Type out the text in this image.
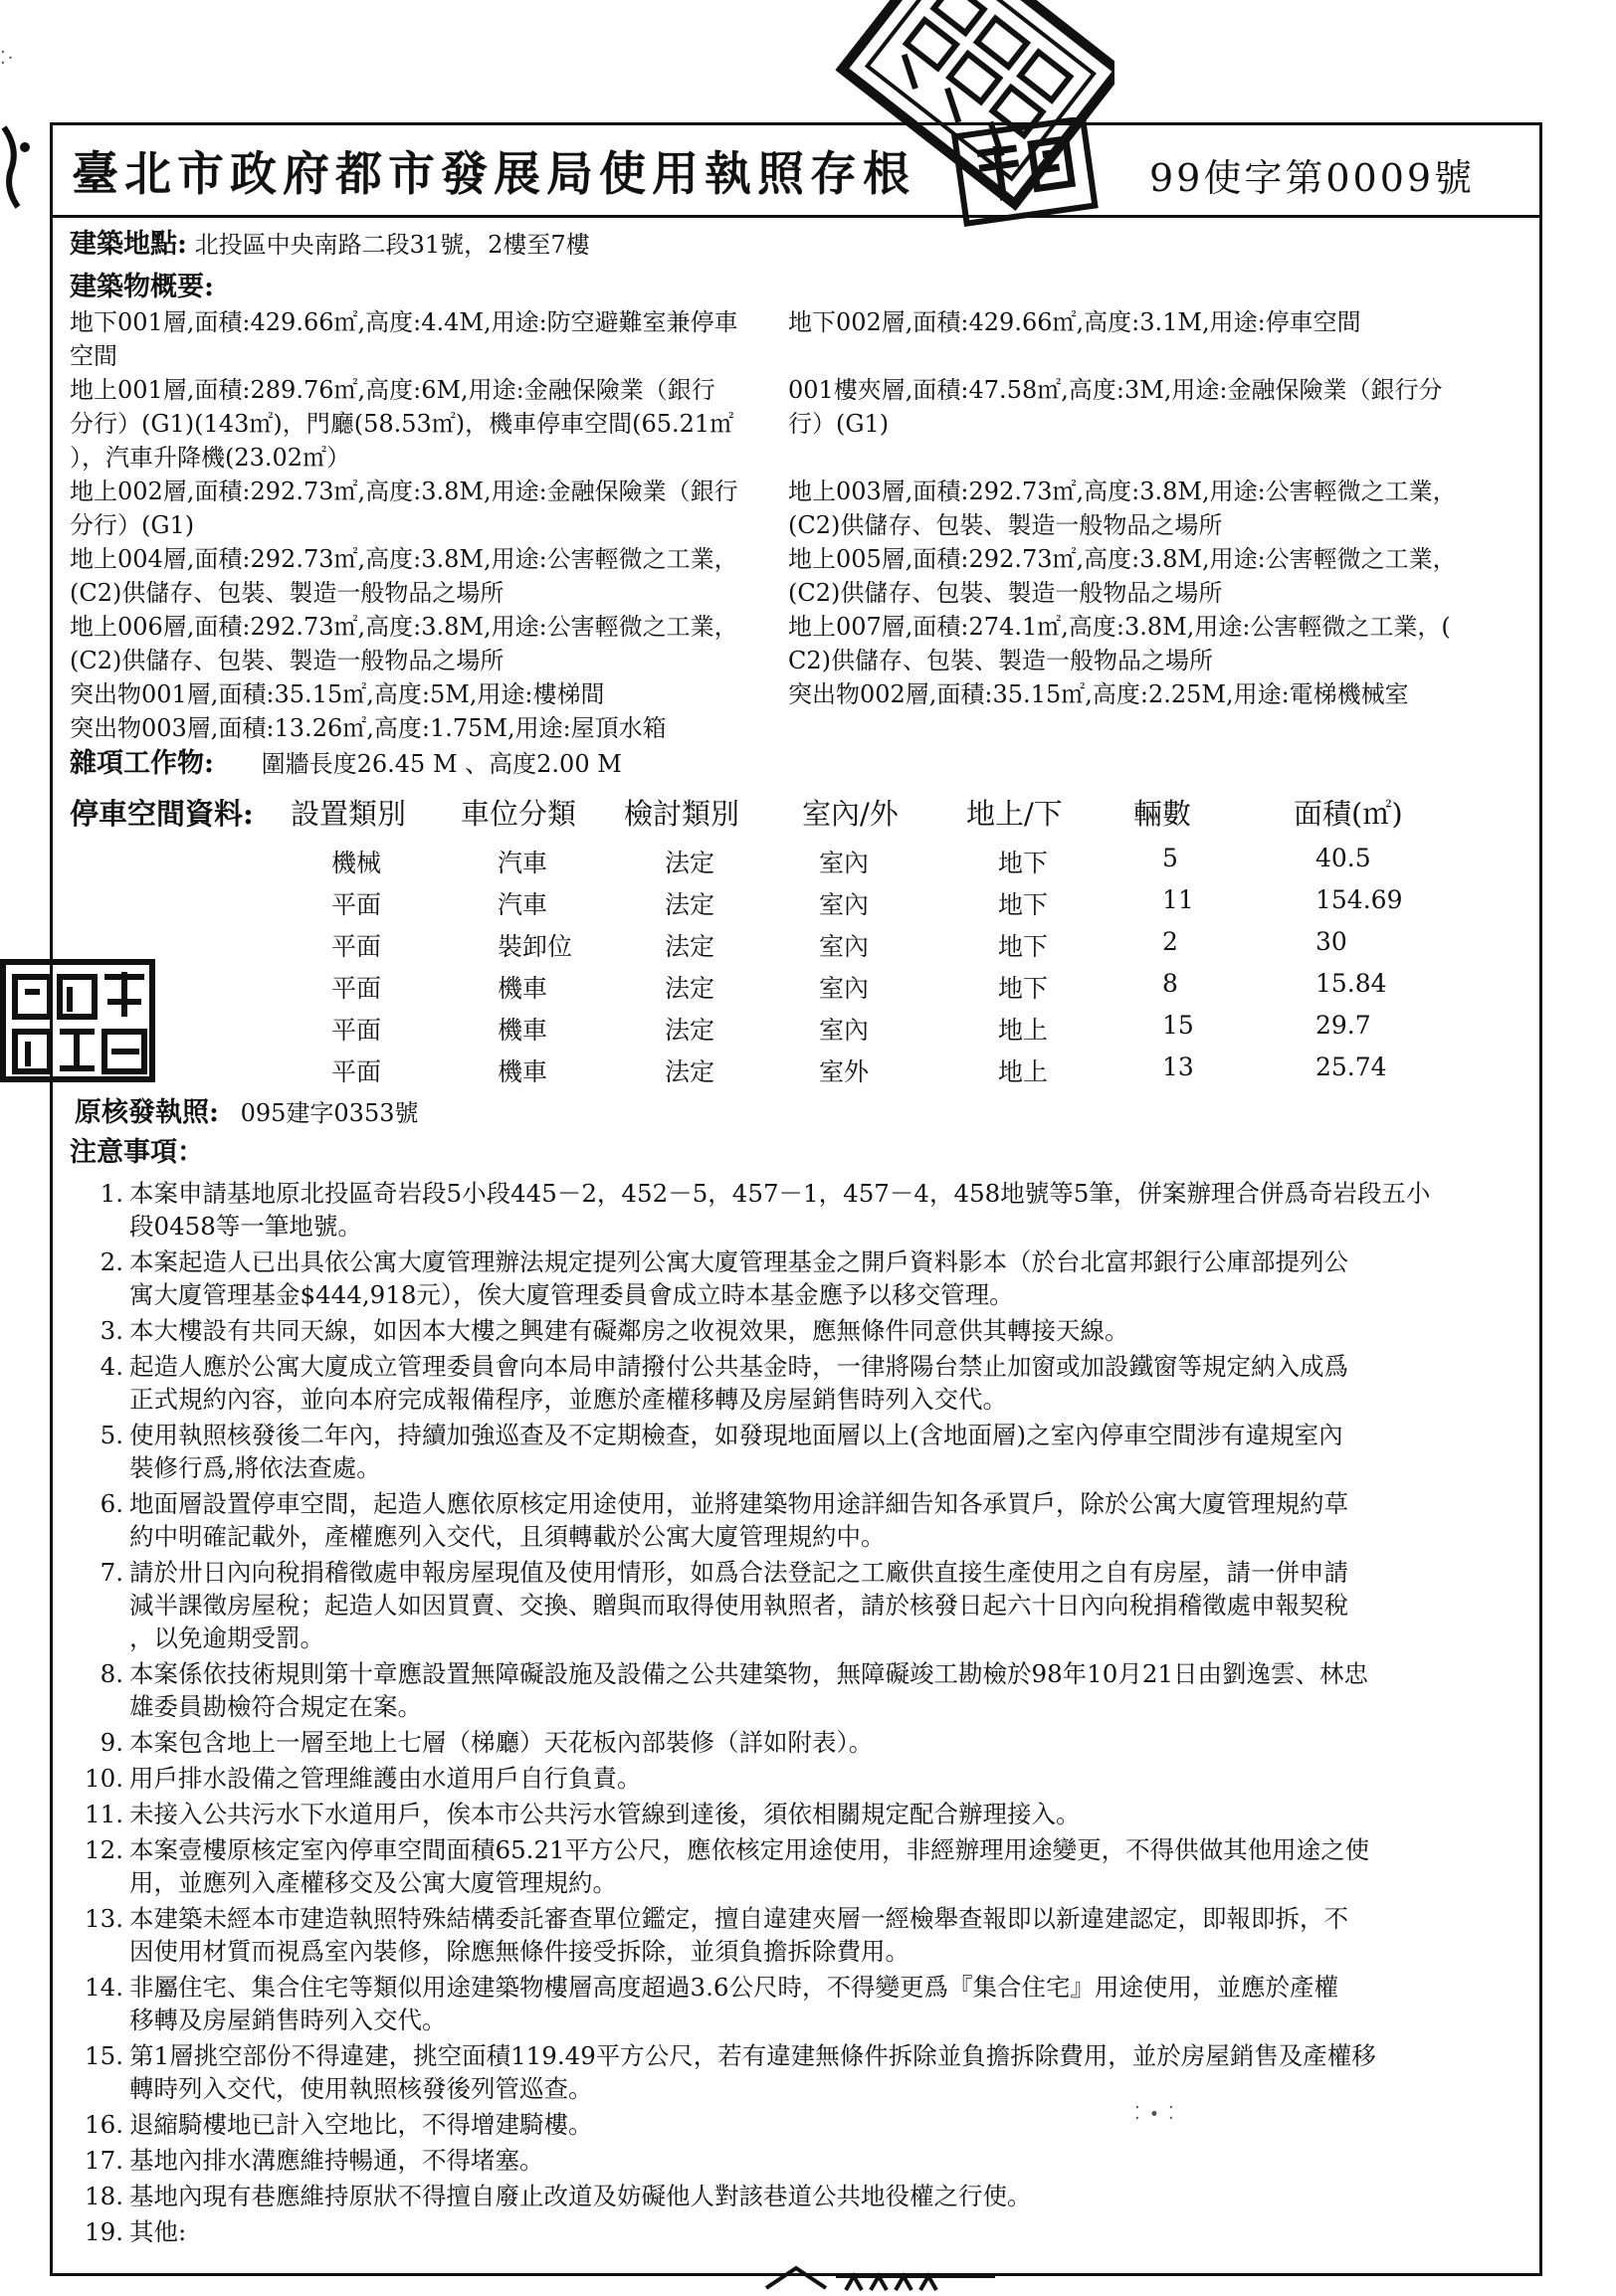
臺北市政府都市發展局使用執照存根	99使字第0009號
⁚·
建築地點: 北投區中央南路二段31號，2樓至7樓
建築物概要:
地下001層,面積:429.66㎡,高度:4.4M,用途:防空避難室兼停車 地下002層,面積:429.66㎡,高度:3.1M,用途:停車空間
空間
地上001層,面積:289.76㎡,高度:6M,用途:金融保險業（銀行	001樓夾層,面積:47.58㎡,高度:3M,用途:金融保險業（銀行分
分行）(G1)(143㎡)，門廳(58.53㎡)，機車停車空間(65.21㎡ 行）(G1)
），汽車升降機(23.02㎡）
地上002層,面積:292.73㎡,高度:3.8M,用途:金融保險業（銀行 地上003層,面積:292.73㎡,高度:3.8M,用途:公害輕微之工業，
分行）(G1)	(C2)供儲存、包裝、製造一般物品之場所
地上004層,面積:292.73㎡,高度:3.8M,用途:公害輕微之工業， 地上005層,面積:292.73㎡,高度:3.8M,用途:公害輕微之工業，
(C2)供儲存、包裝、製造一般物品之場所	(C2)供儲存、包裝、製造一般物品之場所
地上006層,面積:292.73㎡,高度:3.8M,用途:公害輕微之工業， 地上007層,面積:274.1㎡,高度:3.8M,用途:公害輕微之工業，(
(C2)供儲存、包裝、製造一般物品之場所	C2)供儲存、包裝、製造一般物品之場所
突出物001層,面積:35.15㎡,高度:5M,用途:樓梯間	突出物002層,面積:35.15㎡,高度:2.25M,用途:電梯機械室
突出物003層,面積:13.26㎡,高度:1.75M,用途:屋頂水箱
雜項工作物: 圍牆長度26.45 M 、高度2.00 M
停車空間資料: 設置類別 車位分類 檢討類別 室內/外 地上/下 輛數	面積(㎡)
機械	汽車	法定	室內	地下	5	40.5
平面	汽車	法定	室內	地下	11	154.69
平面	裝卸位	法定	室內	地下	2	30
平面	機車	法定	室內	地下	8	15.84
平面	機車	法定	室內	地上	15	29.7
平面	機車	法定	室外	地上	13	25.74
原核發執照: 095建字0353號
注意事項：
1. 本案申請基地原北投區奇岩段5小段445－2，452－5，457－1，457－4，458地號等5筆，併案辦理合併爲奇岩段五小
段0458等一筆地號。
2. 本案起造人已出具依公寓大廈管理辦法規定提列公寓大廈管理基金之開戶資料影本（於台北富邦銀行公庫部提列公
寓大廈管理基金$444,918元），俟大廈管理委員會成立時本基金應予以移交管理。
3. 本大樓設有共同天線，如因本大樓之興建有礙鄰房之收視效果，應無條件同意供其轉接天線。
4. 起造人應於公寓大廈成立管理委員會向本局申請撥付公共基金時，一律將陽台禁止加窗或加設鐵窗等規定納入成爲
正式規約內容，並向本府完成報備程序，並應於產權移轉及房屋銷售時列入交代。
5. 使用執照核發後二年內，持續加強巡查及不定期檢查，如發現地面層以上(含地面層)之室內停車空間涉有違規室內
裝修行爲,將依法查處。
6. 地面層設置停車空間，起造人應依原核定用途使用，並將建築物用途詳細告知各承買戶，除於公寓大廈管理規約草
約中明確記載外，產權應列入交代，且須轉載於公寓大廈管理規約中。
7. 請於卅日內向稅捐稽徵處申報房屋現值及使用情形，如爲合法登記之工廠供直接生產使用之自有房屋，請一併申請
減半課徵房屋稅；起造人如因買賣、交換、贈與而取得使用執照者，請於核發日起六十日內向稅捐稽徵處申報契稅
，以免逾期受罰。
8. 本案係依技術規則第十章應設置無障礙設施及設備之公共建築物，無障礙竣工勘檢於98年10月21日由劉逸雲、林忠
雄委員勘檢符合規定在案。
9. 本案包含地上一層至地上七層（梯廳）天花板內部裝修（詳如附表）。
10. 用戶排水設備之管理維護由水道用戶自行負責。
11. 未接入公共污水下水道用戶，俟本市公共污水管線到達後，須依相關規定配合辦理接入。
12. 本案壹樓原核定室內停車空間面積65.21平方公尺，應依核定用途使用，非經辦理用途變更，不得供做其他用途之使
用，並應列入產權移交及公寓大廈管理規約。
13. 本建築未經本市建造執照特殊結構委託審查單位鑑定，擅自違建夾層一經檢舉查報即以新違建認定，即報即拆，不
因使用材質而視爲室內裝修，除應無條件接受拆除，並須負擔拆除費用。
14. 非屬住宅、集合住宅等類似用途建築物樓層高度超過3.6公尺時，不得變更爲『集合住宅』用途使用，並應於產權
移轉及房屋銷售時列入交代。
15. 第1層挑空部份不得違建，挑空面積119.49平方公尺，若有違建無條件拆除並負擔拆除費用，並於房屋銷售及產權移
轉時列入交代，使用執照核發後列管巡查。
16. 退縮騎樓地已計入空地比，不得增建騎樓。
17. 基地內排水溝應維持暢通，不得堵塞。
18. 基地內現有巷應維持原狀不得擅自廢止改道及妨礙他人對該巷道公共地役權之行使。
19. 其他:
⁚ ∙ ⁚
